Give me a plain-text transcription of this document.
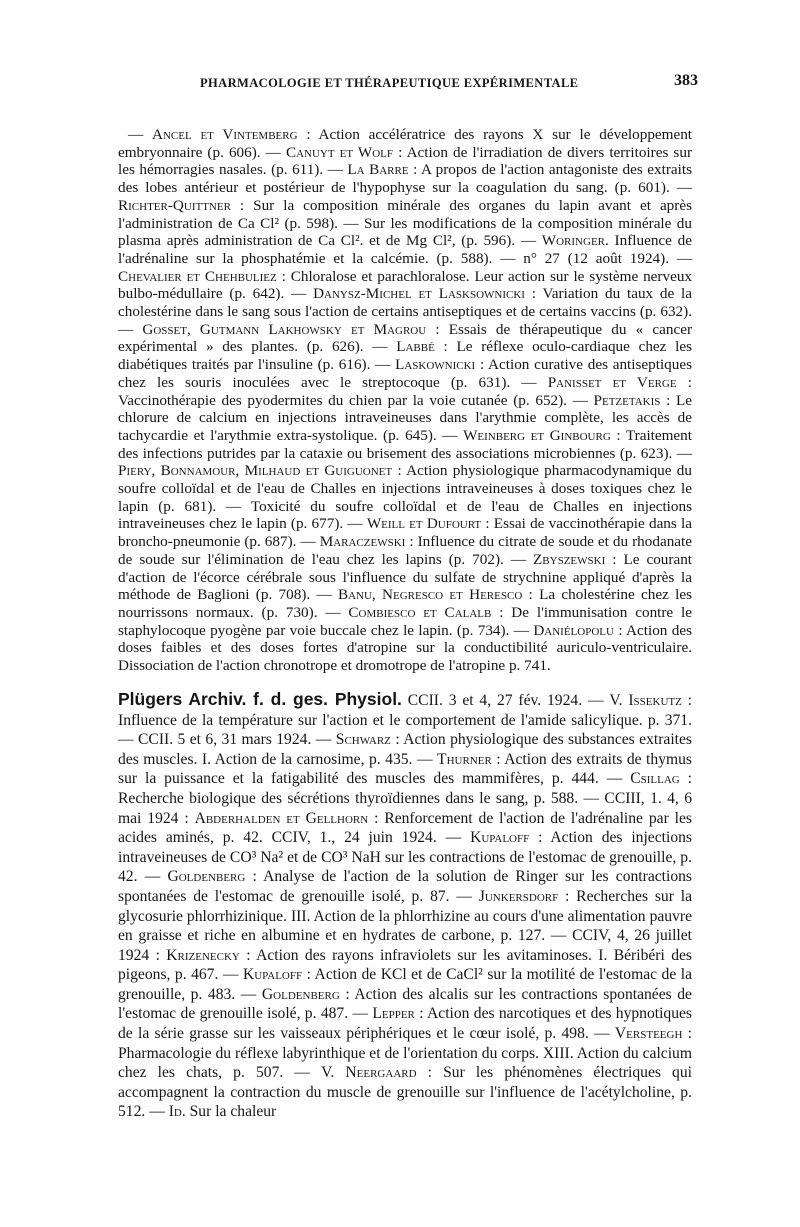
PHARMACOLOGIE ET THÉRAPEUTIQUE EXPÉRIMENTALE	383

— Ancel et Vintemberg : Action accélératrice des rayons X sur le développement embryonnaire (p. 606). — Canuyt et Wolf : Action de l'irradiation de divers territoires sur les hémorragies nasales. (p. 611). — La Barre : A propos de l'action antagoniste des extraits des lobes antérieur et postérieur de l'hypophyse sur la coagulation du sang. (p. 601). — Richter-Quittner : Sur la composition minérale des organes du lapin avant et après l'administration de Ca Cl² (p. 598). — Sur les modifications de la composition minérale du plasma après administration de Ca Cl². et de Mg Cl², (p. 596). — Woringer. Influence de l'adrénaline sur la phosphatémie et la calcémie. (p. 588). — n° 27 (12 août 1924). — Chevalier et Chehbuliez : Chloralose et parachloralose. Leur action sur le système nerveux bulbo-médullaire (p. 642). — Danysz-Michel et Lasksownicki : Variation du taux de la cholestérine dans le sang sous l'action de certains antiseptiques et de certains vaccins (p. 632). — Gosset, Gutmann Lakhowsky et Magrou : Essais de thérapeutique du « cancer expérimental » des plantes. (p. 626). — Labbé : Le réflexe oculo-cardiaque chez les diabétiques traités par l'insuline (p. 616). — Laskownicki : Action curative des antiseptiques chez les souris inoculées avec le streptocoque (p. 631). — Panisset et Verge : Vaccinothérapie des pyodermites du chien par la voie cutanée (p. 652). — Petzetakis : Le chlorure de calcium en injections intraveineuses dans l'arythmie complète, les accès de tachycardie et l'arythmie extra-systolique. (p. 645). — Weinberg et Ginbourg : Traitement des infections putrides par la cataxie ou brisement des associations microbiennes (p. 623). — Piery, Bonnamour, Milhaud et Guiguonet : Action physiologique pharmacodynamique du soufre colloïdal et de l'eau de Challes en injections intraveineuses à doses toxiques chez le lapin (p. 681). — Toxicité du soufre colloïdal et de l'eau de Challes en injections intraveineuses chez le lapin (p. 677). — Weill et Dufourt : Essai de vaccinothérapie dans la broncho-pneumonie (p. 687). — Maraczewski : Influence du citrate de soude et du rhodanate de soude sur l'élimination de l'eau chez les lapins (p. 702). — Zbyszewski : Le courant d'action de l'écorce cérébrale sous l'influence du sulfate de strychnine appliqué d'après la méthode de Baglioni (p. 708). — Banu, Negresco et Heresco : La cholestérine chez les nourrissons normaux. (p. 730). — Combiesco et Calalb : De l'immunisation contre le staphylocoque pyogène par voie buccale chez le lapin. (p. 734). — Daniélopolu : Action des doses faibles et des doses fortes d'atropine sur la conductibilité auriculo-ventriculaire. Dissociation de l'action chronotrope et dromotrope de l'atropine p. 741.

Plügers Archiv. f. d. ges. Physiol. CCII. 3 et 4, 27 fév. 1924. — V. Issekutz : Influence de la température sur l'action et le comportement de l'amide salicylique. p. 371. — CCII. 5 et 6, 31 mars 1924. — Schwarz : Action physiologique des substances extraites des muscles. I. Action de la carnosime, p. 435. — Thurner : Action des extraits de thymus sur la puissance et la fatigabilité des muscles des mammifères, p. 444. — Csillag : Recherche biologique des sécrétions thyroïdiennes dans le sang, p. 588. — CCIII, 1. 4, 6 mai 1924 : Abderhalden et Gellhorn : Renforcement de l'action de l'adrénaline par les acides aminés, p. 42. CCIV, 1., 24 juin 1924. — Kupaloff : Action des injections intraveineuses de CO³ Na² et de CO³ NaH sur les contractions de l'estomac de grenouille, p. 42. — Goldenberg : Analyse de l'action de la solution de Ringer sur les contractions spontanées de l'estomac de grenouille isolé, p. 87. — Junkersdorf : Recherches sur la glycosurie phlorrhizinique. III. Action de la phlorrhizine au cours d'une alimentation pauvre en graisse et riche en albumine et en hydrates de carbone, p. 127. — CCIV, 4, 26 juillet 1924 : Krizenecky : Action des rayons infraviolets sur les avitaminoses. I. Béribéri des pigeons, p. 467. — Kupaloff : Action de KCl et de CaCl² sur la motilité de l'estomac de la grenouille, p. 483. — Goldenberg : Action des alcalis sur les contractions spontanées de l'estomac de grenouille isolé, p. 487. — Lepper : Action des narcotiques et des hypnotiques de la série grasse sur les vaisseaux périphériques et le cœur isolé, p. 498. — Versteegh : Pharmacologie du réflexe labyrinthique et de l'orientation du corps. XIII. Action du calcium chez les chats, p. 507. — V. Neergaard : Sur les phénomènes électriques qui accompagnent la contraction du muscle de grenouille sur l'influence de l'acétylcholine, p. 512. — Id. Sur la chaleur
